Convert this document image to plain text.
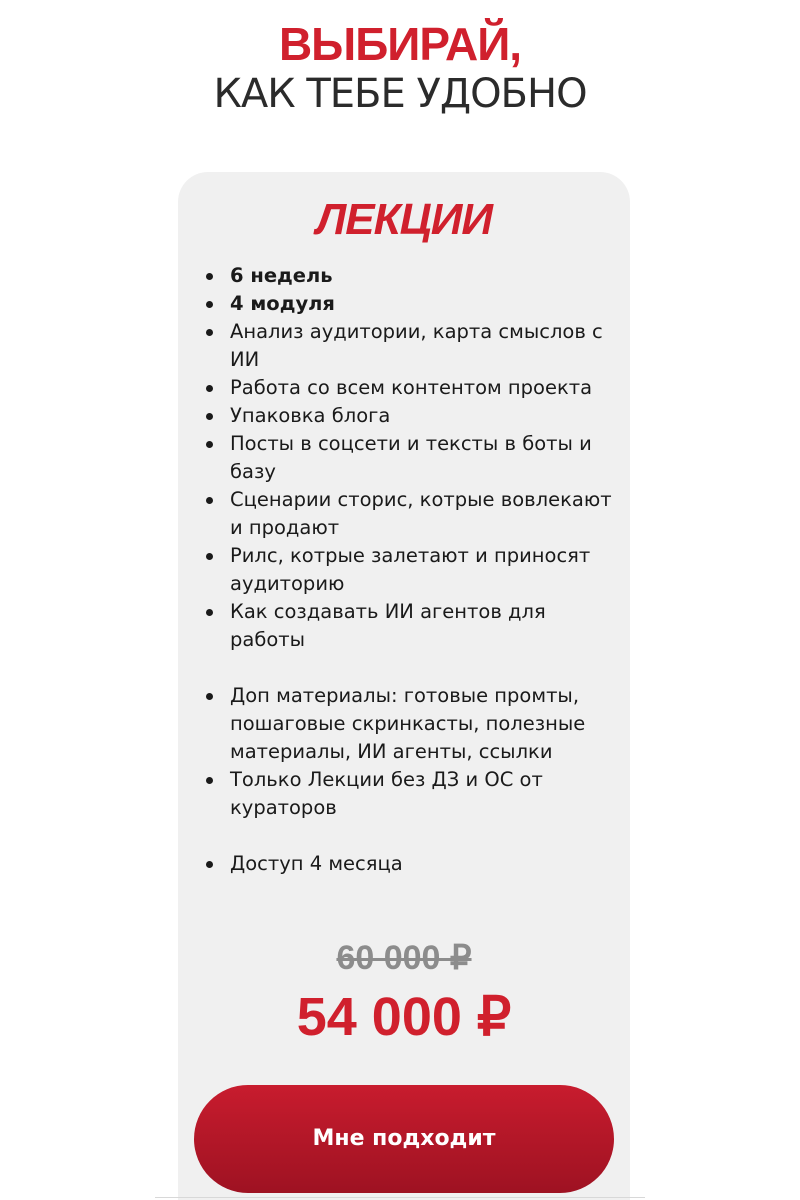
ВЫБИРАЙ,
КАК ТЕБЕ УДОБНО
ЛЕКЦИИ
6 недель
4 модуля
Анализ аудитории, карта смыслов с ИИ
Работа со всем контентом проекта
Упаковка блога
Посты в соцсети и тексты в боты и базу
Сценарии сторис, котрые вовлекают и продают
Рилс, котрые залетают и приносят аудиторию
Как создавать ИИ агентов для работы
Доп материалы: готовые промты, пошаговые скринкасты, полезные материалы, ИИ агенты, ссылки
Только Лекции без ДЗ и ОС от кураторов
Доступ 4 месяца
60 000 ₽
54 000 ₽
Мне подходит
